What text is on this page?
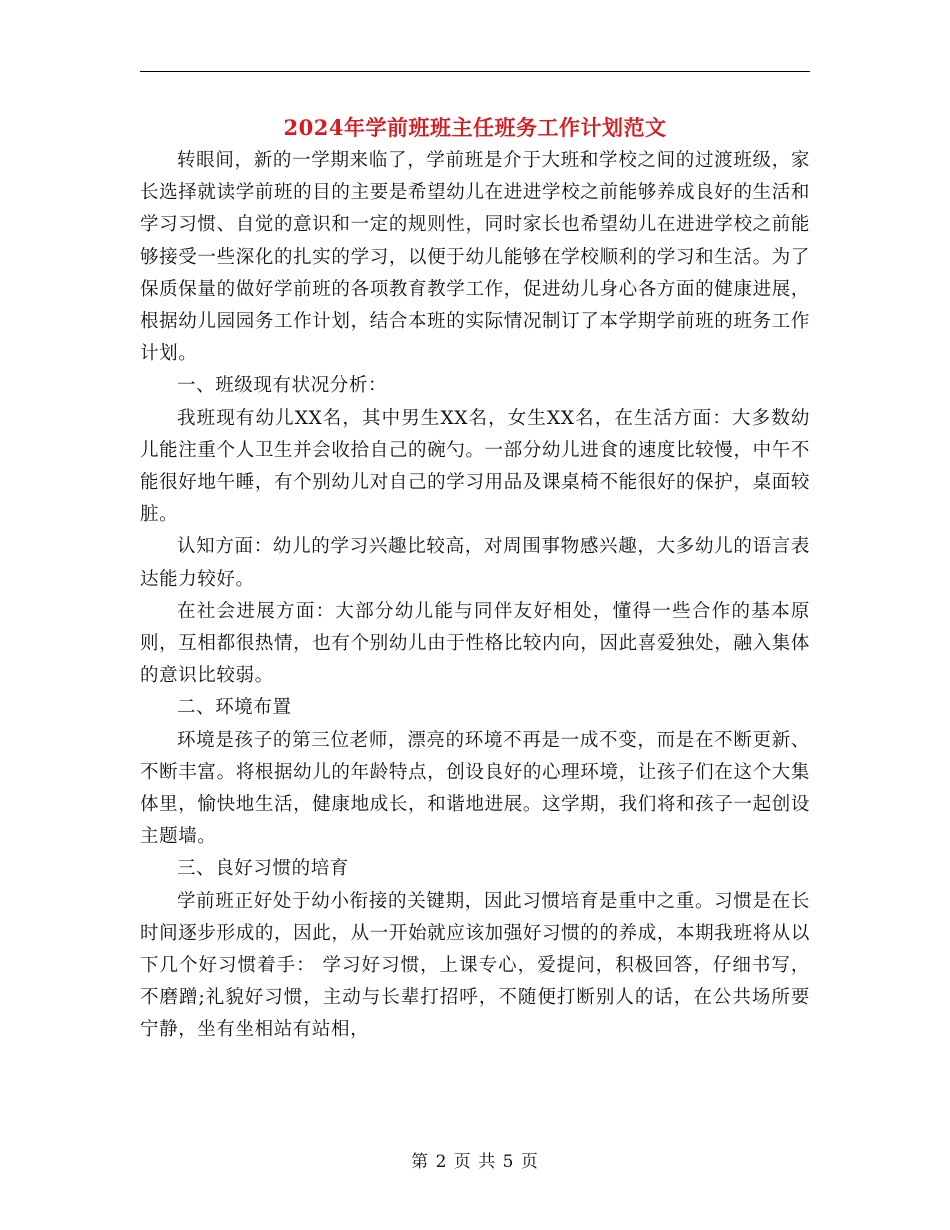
2024年学前班班主任班务工作计划范文

转眼间，新的一学期来临了，学前班是介于大班和学校之间的过渡班级，家长选择就读学前班的目的主要是希望幼儿在进进学校之前能够养成良好的生活和学习习惯、自觉的意识和一定的规则性，同时家长也希望幼儿在进进学校之前能够接受一些深化的扎实的学习，以便于幼儿能够在学校顺利的学习和生活。为了保质保量的做好学前班的各项教育教学工作，促进幼儿身心各方面的健康进展，根据幼儿园园务工作计划，结合本班的实际情况制订了本学期学前班的班务工作计划。

一、班级现有状况分析：

我班现有幼儿XX名，其中男生XX名，女生XX名，在生活方面：大多数幼儿能注重个人卫生并会收拾自己的碗勺。一部分幼儿进食的速度比较慢，中午不能很好地午睡，有个别幼儿对自己的学习用品及课桌椅不能很好的保护，桌面较脏。

认知方面：幼儿的学习兴趣比较高，对周围事物感兴趣，大多幼儿的语言表达能力较好。

在社会进展方面：大部分幼儿能与同伴友好相处，懂得一些合作的基本原则，互相都很热情，也有个别幼儿由于性格比较内向，因此喜爱独处，融入集体的意识比较弱。

二、环境布置

环境是孩子的第三位老师，漂亮的环境不再是一成不变，而是在不断更新、不断丰富。将根据幼儿的年龄特点，创设良好的心理环境，让孩子们在这个大集体里，愉快地生活，健康地成长，和谐地进展。这学期，我们将和孩子一起创设主题墙。

三、良好习惯的培育

学前班正好处于幼小衔接的关键期，因此习惯培育是重中之重。习惯是在长时间逐步形成的，因此，从一开始就应该加强好习惯的的养成，本期我班将从以下几个好习惯着手： 学习好习惯，上课专心，爱提问，积极回答，仔细书写，不磨蹭;礼貌好习惯，主动与长辈打招呼，不随便打断别人的话，在公共场所要宁静，坐有坐相站有站相，

第 2 页 共 5 页
